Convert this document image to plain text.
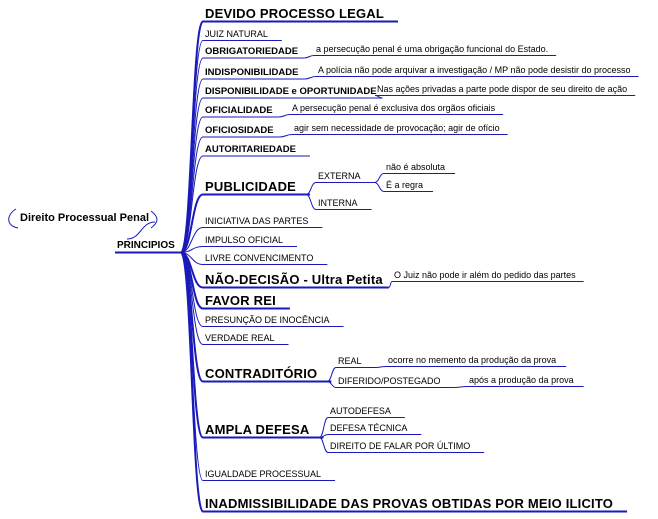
Direito Processual Penal
PRINCIPIOS
DEVIDO PROCESSO LEGAL
JUIZ NATURAL
OBRIGATORIEDADE a persecução penal é uma obrigação funcional do Estado.
INDISPONIBILIDADE A polícia não pode arquivar a investigação / MP não pode desistir do processo
DISPONIBILIDADE e OPORTUNIDADE Nas ações privadas a parte pode dispor de seu direito de ação
OFICIALIDADE A persecução penal é exclusiva dos orgãos oficiais
OFICIOSIDADE agir sem necessidade de provocação; agir de ofício
AUTORITARIEDADE
PUBLICIDADE
EXTERNA
não é absoluta
É a regra
INTERNA
INICIATIVA DAS PARTES
IMPULSO OFICIAL
LIVRE CONVENCIMENTO
NÃO-DECISÃO - Ultra Petita O Juiz não pode ir além do pedido das partes
FAVOR REI
PRESUNÇÃO DE INOCÊNCIA
VERDADE REAL
CONTRADITÓRIO
REAL	ocorre no memento da produção da prova
DIFERIDO/POSTEGADO	após a produção da prova
AMPLA DEFESA
AUTODEFESA
DEFESA TÉCNICA
DIREITO DE FALAR POR ÚLTIMO
IGUALDADE PROCESSUAL
INADMISSIBILIDADE DAS PROVAS OBTIDAS POR MEIO ILICITO
